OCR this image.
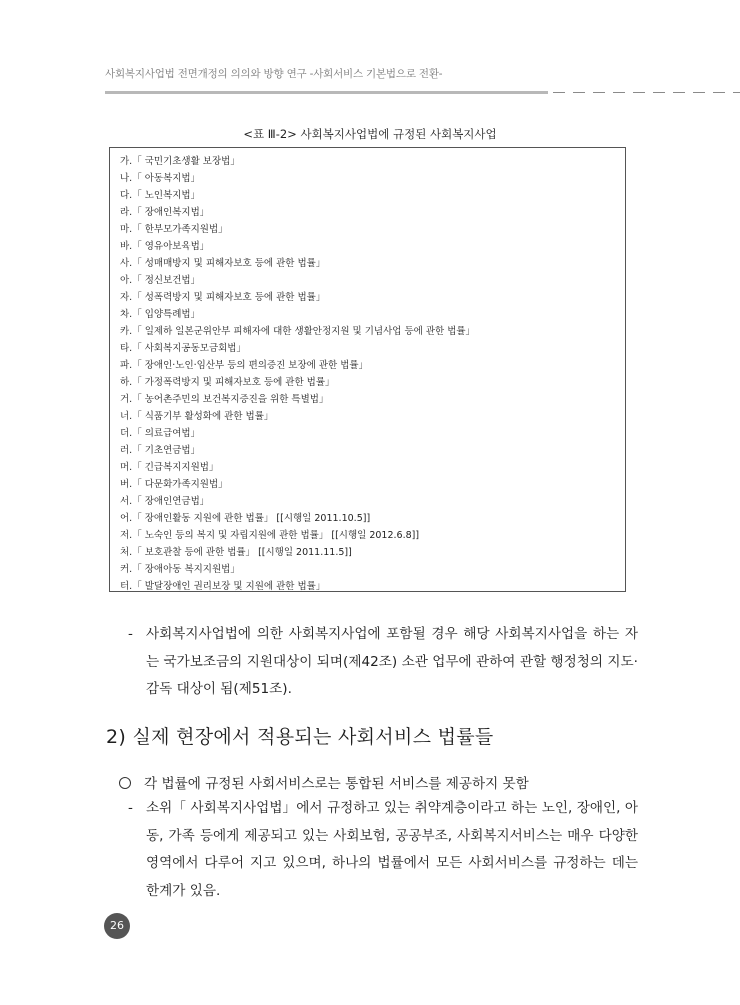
사회복지사업법 전면개정의 의의와 방향 연구 -사회서비스 기본법으로 전환-
<표 Ⅲ-2> 사회복지사업법에 규정된 사회복지사업
가.「 국민기초생활 보장법」
나.「 아동복지법」
다.「 노인복지법」
라.「 장애인복지법」
마.「 한부모가족지원법」
바.「 영유아보육법」
사.「 성매매방지 및 피해자보호 등에 관한 법률」
아.「 정신보건법」
자.「 성폭력방지 및 피해자보호 등에 관한 법률」
차.「 입양특례법」
카.「 일제하 일본군위안부 피해자에 대한 생활안정지원 및 기념사업 등에 관한 법률」
타.「 사회복지공동모금회법」
파.「 장애인·노인·임산부 등의 편의증진 보장에 관한 법률」
하.「 가정폭력방지 및 피해자보호 등에 관한 법률」
거.「 농어촌주민의 보건복지증진을 위한 특별법」
너.「 식품기부 활성화에 관한 법률」
더.「 의료급여법」
러.「 기초연금법」
머.「 긴급복지지원법」
버.「 다문화가족지원법」
서.「 장애인연금법」
어.「 장애인활동 지원에 관한 법률」 [[시행일 2011.10.5]]
저.「 노숙인 등의 복지 및 자립지원에 관한 법률」 [[시행일 2012.6.8]]
처.「 보호관찰 등에 관한 법률」 [[시행일 2011.11.5]]
커.「 장애아동 복지지원법」
터.「 발달장애인 권리보장 및 지원에 관한 법률」
- 사회복지사업법에 의한 사회복지사업에 포함될 경우 해당 사회복지사업을 하는 자는 국가보조금의 지원대상이 되며(제42조) 소관 업무에 관하여 관할 행정청의 지도· 감독 대상이 됨(제51조).
2) 실제 현장에서 적용되는 사회서비스 법률들
각 법률에 규정된 사회서비스로는 통합된 서비스를 제공하지 못함
- 소위「 사회복지사업법」에서 규정하고 있는 취약계층이라고 하는 노인, 장애인, 아동, 가족 등에게 제공되고 있는 사회보험, 공공부조, 사회복지서비스는 매우 다양한 영역에서 다루어 지고 있으며, 하나의 법률에서 모든 사회서비스를 규정하는 데는 한계가 있음.
26
